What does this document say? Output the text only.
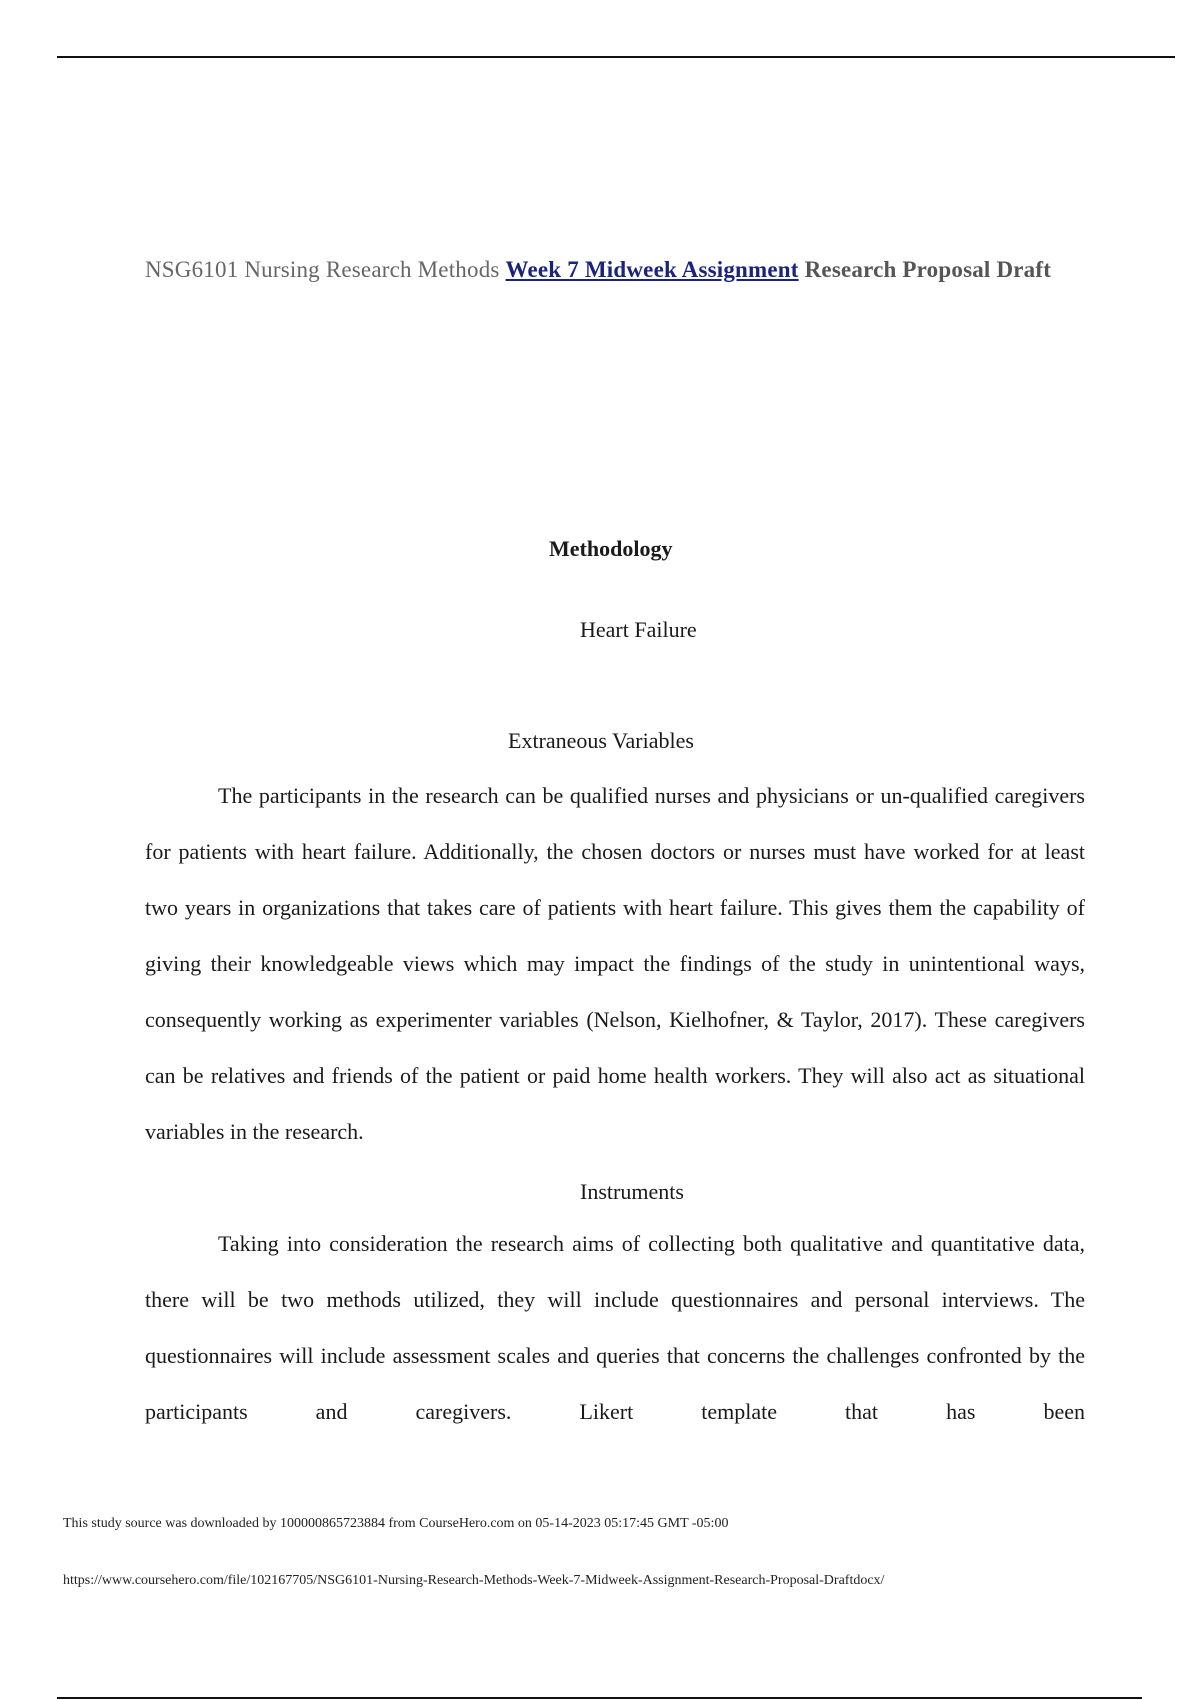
NSG6101 Nursing Research Methods Week 7 Midweek Assignment Research Proposal Draft
Methodology
Heart Failure
Extraneous Variables

The participants in the research can be qualified nurses and physicians or un-qualified caregivers for patients with heart failure. Additionally, the chosen doctors or nurses must have worked for at least two years in organizations that takes care of patients with heart failure. This gives them the capability of giving their knowledgeable views which may impact the findings of the study in unintentional ways, consequently working as experimenter variables (Nelson, Kielhofner, & Taylor, 2017). These caregivers can be relatives and friends of the patient or paid home health workers. They will also act as situational variables in the research.

Instruments

Taking into consideration the research aims of collecting both qualitative and quantitative data, there will be two methods utilized, they will include questionnaires and personal interviews. The questionnaires will include assessment scales and queries that concerns the challenges confronted by the participants and caregivers. Likert template that has been

This study source was downloaded by 100000865723884 from CourseHero.com on 05-14-2023 05:17:45 GMT -05:00
https://www.coursehero.com/file/102167705/NSG6101-Nursing-Research-Methods-Week-7-Midweek-Assignment-Research-Proposal-Draftdocx/
